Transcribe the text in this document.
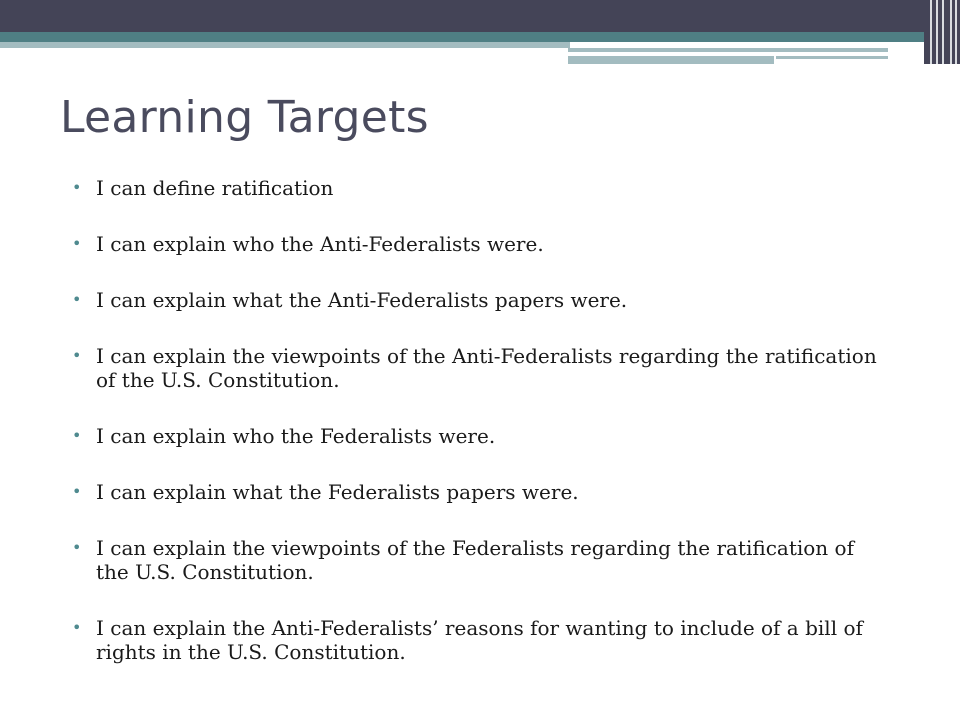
Learning Targets
• I can define ratification
• I can explain who the Anti-Federalists were.
• I can explain what the Anti-Federalists papers were.
• I can explain the viewpoints of the Anti-Federalists regarding the ratification of the U.S. Constitution.
• I can explain who the Federalists were.
• I can explain what the Federalists papers were.
• I can explain the viewpoints of the Federalists regarding the ratification of the U.S. Constitution.
• I can explain the Anti-Federalists’ reasons for wanting to include of a bill of rights in the U.S. Constitution.
